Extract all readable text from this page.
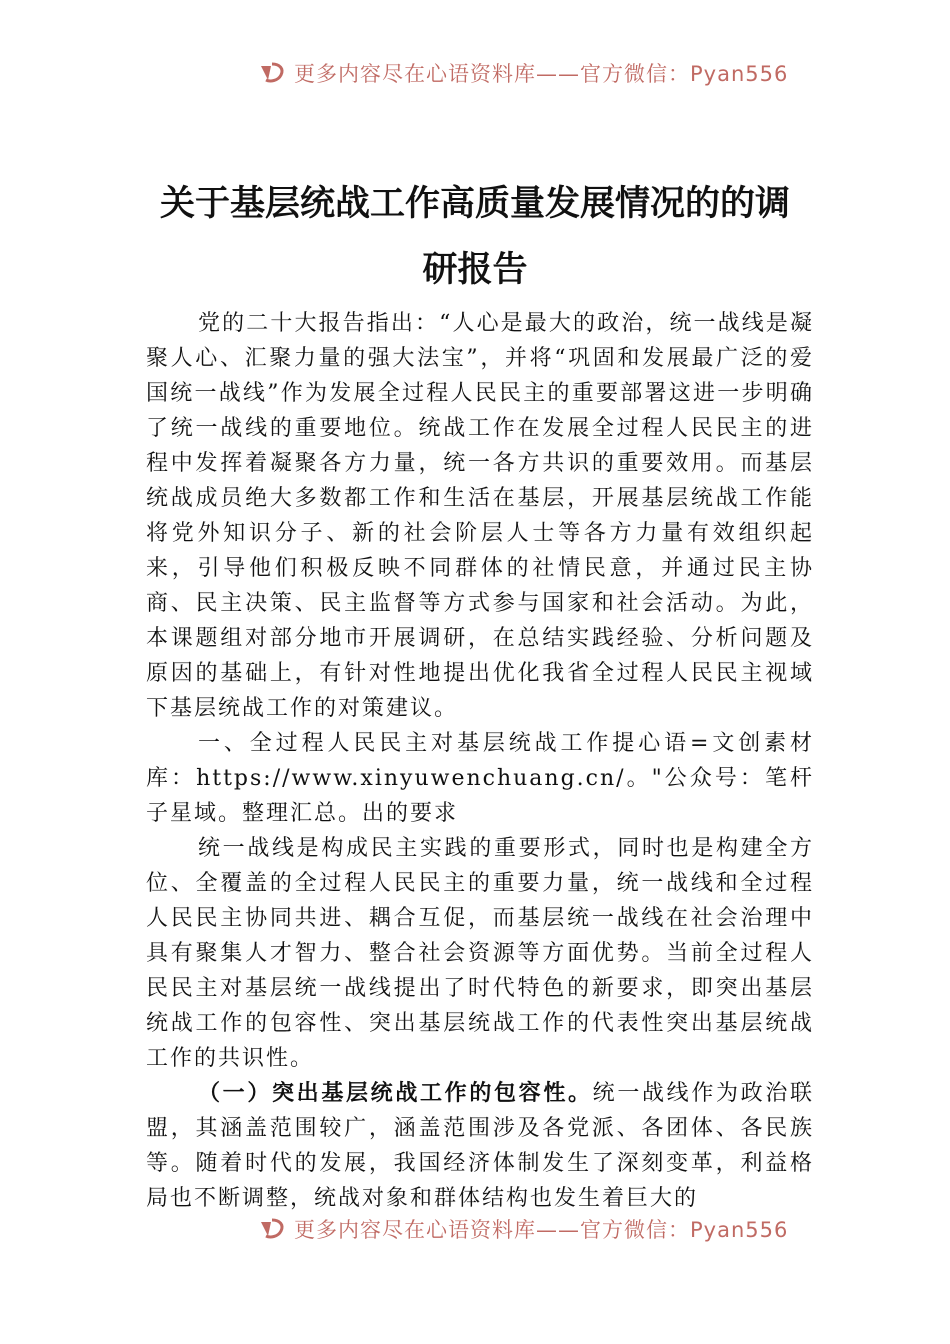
更多内容尽在心语资料库——官方微信：Pyan556
关于基层统战工作高质量发展情况的的调
研报告

党的二十大报告指出：“人心是最大的政治，统一战线是凝聚人心、汇聚力量的强大法宝”，并将“巩固和发展最广泛的爱国统一战线”作为发展全过程人民民主的重要部署这进一步明确了统一战线的重要地位。统战工作在发展全过程人民民主的进程中发挥着凝聚各方力量，统一各方共识的重要效用。而基层统战成员绝大多数都工作和生活在基层，开展基层统战工作能将党外知识分子、新的社会阶层人士等各方力量有效组织起来，引导他们积极反映不同群体的社情民意，并通过民主协商、民主决策、民主监督等方式参与国家和社会活动。为此，本课题组对部分地市开展调研，在总结实践经验、分析问题及原因的基础上，有针对性地提出优化我省全过程人民民主视域下基层统战工作的对策建议。

一、全过程人民民主对基层统战工作提心语=文创素材库：https://www.xinyuwenchuang.cn/。"公众号：笔杆子星域。整理汇总。出的要求

统一战线是构成民主实践的重要形式，同时也是构建全方位、全覆盖的全过程人民民主的重要力量，统一战线和全过程人民民主协同共进、耦合互促，而基层统一战线在社会治理中具有聚集人才智力、整合社会资源等方面优势。当前全过程人民民主对基层统一战线提出了时代特色的新要求，即突出基层统战工作的包容性、突出基层统战工作的代表性突出基层统战工作的共识性。

（一）突出基层统战工作的包容性。统一战线作为政治联盟，其涵盖范围较广，涵盖范围涉及各党派、各团体、各民族等。随着时代的发展，我国经济体制发生了深刻变革，利益格局也不断调整，统战对象和群体结构也发生着巨大的

更多内容尽在心语资料库——官方微信：Pyan556
